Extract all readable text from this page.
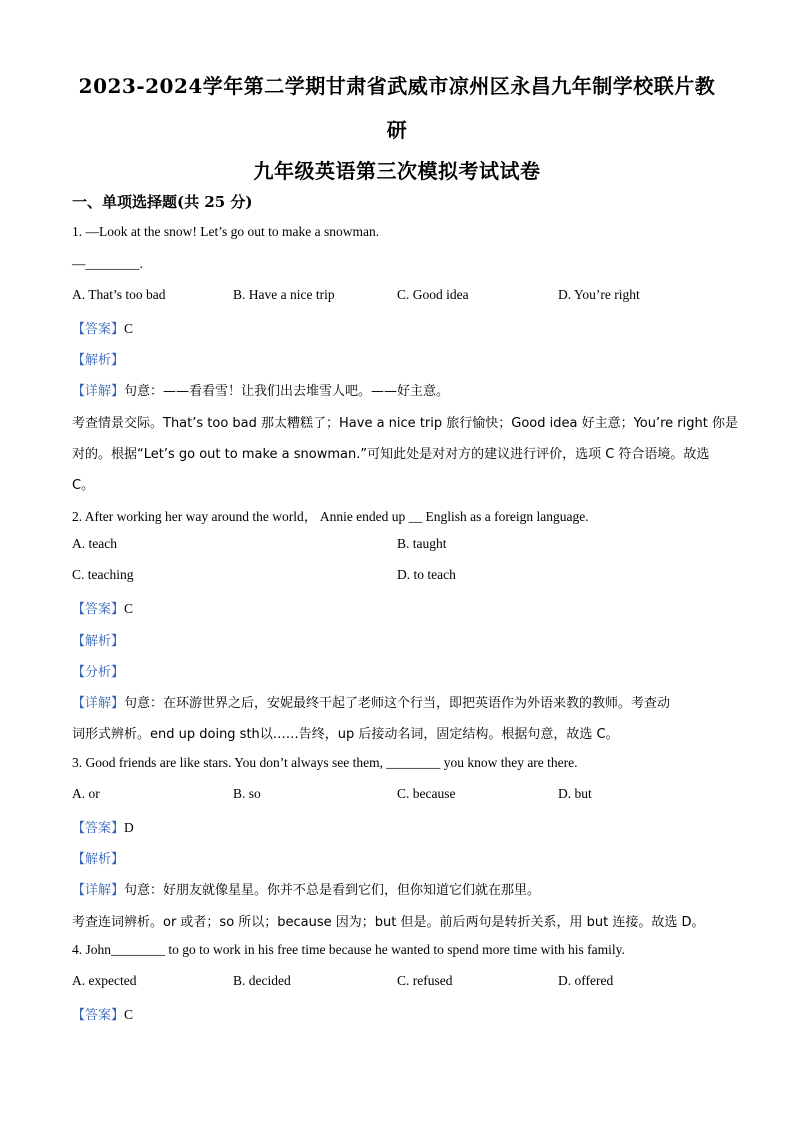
2023-2024学年第二学期甘肃省武威市凉州区永昌九年制学校联片教
研
九年级英语第三次模拟考试试卷
一、单项选择题(共 25 分)
1. —Look at the snow! Let’s go out to make a snowman.
—________.
A. That’s too bad	B. Have a nice trip	C. Good idea	D. You’re right
【答案】C
【解析】
【详解】句意：——看看雪！让我们出去堆雪人吧。——好主意。
考查情景交际。That’s too bad 那太糟糕了；Have a nice trip 旅行愉快；Good idea 好主意；You’re right 你是
对的。根据“Let’s go out to make a snowman.”可知此处是对对方的建议进行评价，选项 C 符合语境。故选
C。
2. After working her way around the world， Annie ended up __ English as a foreign language.
A. teach	B. taught
C. teaching	D. to teach
【答案】C
【解析】
【分析】
【详解】句意：在环游世界之后，安妮最终干起了老师这个行当，即把英语作为外语来教的教师。考查动
词形式辨析。end up doing sth以……告终，up 后接动名词，固定结构。根据句意，故选 C。
3. Good friends are like stars. You don’t always see them, ________ you know they are there.
A. or	B. so	C. because	D. but
【答案】D
【解析】
【详解】句意：好朋友就像星星。你并不总是看到它们，但你知道它们就在那里。
考查连词辨析。or 或者；so 所以；because 因为；but 但是。前后两句是转折关系，用 but 连接。故选 D。
4. John________ to go to work in his free time because he wanted to spend more time with his family.
A. expected	B. decided	C. refused	D. offered
【答案】C
